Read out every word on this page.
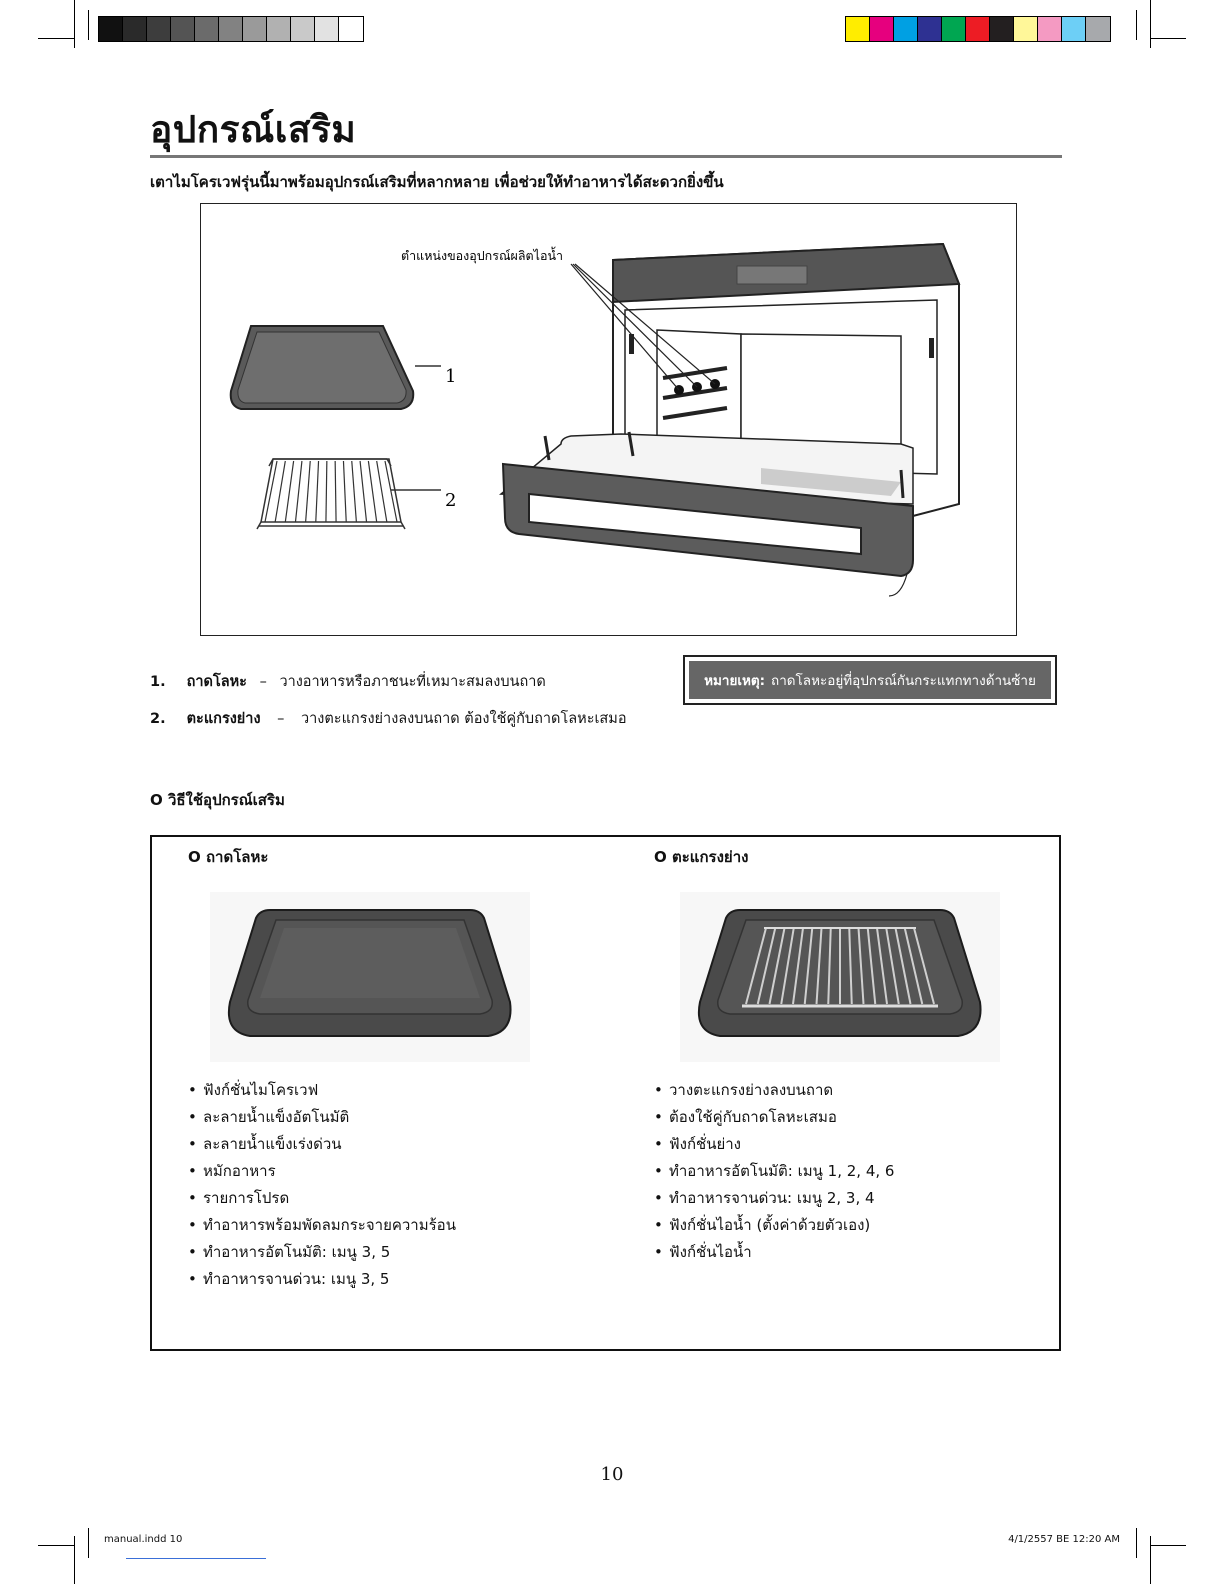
อุปกรณ์เสริม
เตาไมโครเวฟรุ่นนี้มาพร้อมอุปกรณ์เสริมที่หลากหลาย เพื่อช่วยให้ทำอาหารได้สะดวกยิ่งขึ้น
1
2
ตำแหน่งของอุปกรณ์ผลิตไอน้ำ
1. ถาดโลหะ – วางอาหารหรือภาชนะที่เหมาะสมลงบนถาด
2. ตะแกรงย่าง – วางตะแกรงย่างลงบนถาด ต้องใช้คู่กับถาดโลหะเสมอ
หมายเหตุ: ถาดโลหะอยู่ที่อุปกรณ์กันกระแทกทางด้านซ้าย
O วิธีใช้อุปกรณ์เสริม
O ถาดโลหะ	O ตะแกรงย่าง
• ฟังก์ชั่นไมโครเวฟ
• ละลายน้ำแข็งอัตโนมัติ
• ละลายน้ำแข็งเร่งด่วน
• หมักอาหาร
• รายการโปรด
• ทำอาหารพร้อมพัดลมกระจายความร้อน
• ทำอาหารอัตโนมัติ: เมนู 3, 5
• ทำอาหารจานด่วน: เมนู 3, 5
• วางตะแกรงย่างลงบนถาด
• ต้องใช้คู่กับถาดโลหะเสมอ
• ฟังก์ชั่นย่าง
• ทำอาหารอัตโนมัติ: เมนู 1, 2, 4, 6
• ทำอาหารจานด่วน: เมนู 2, 3, 4
• ฟังก์ชั่นไอน้ำ (ตั้งค่าด้วยตัวเอง)
• ฟังก์ชั่นไอน้ำ
10
manual.indd 10	4/1/2557 BE 12:20 AM
